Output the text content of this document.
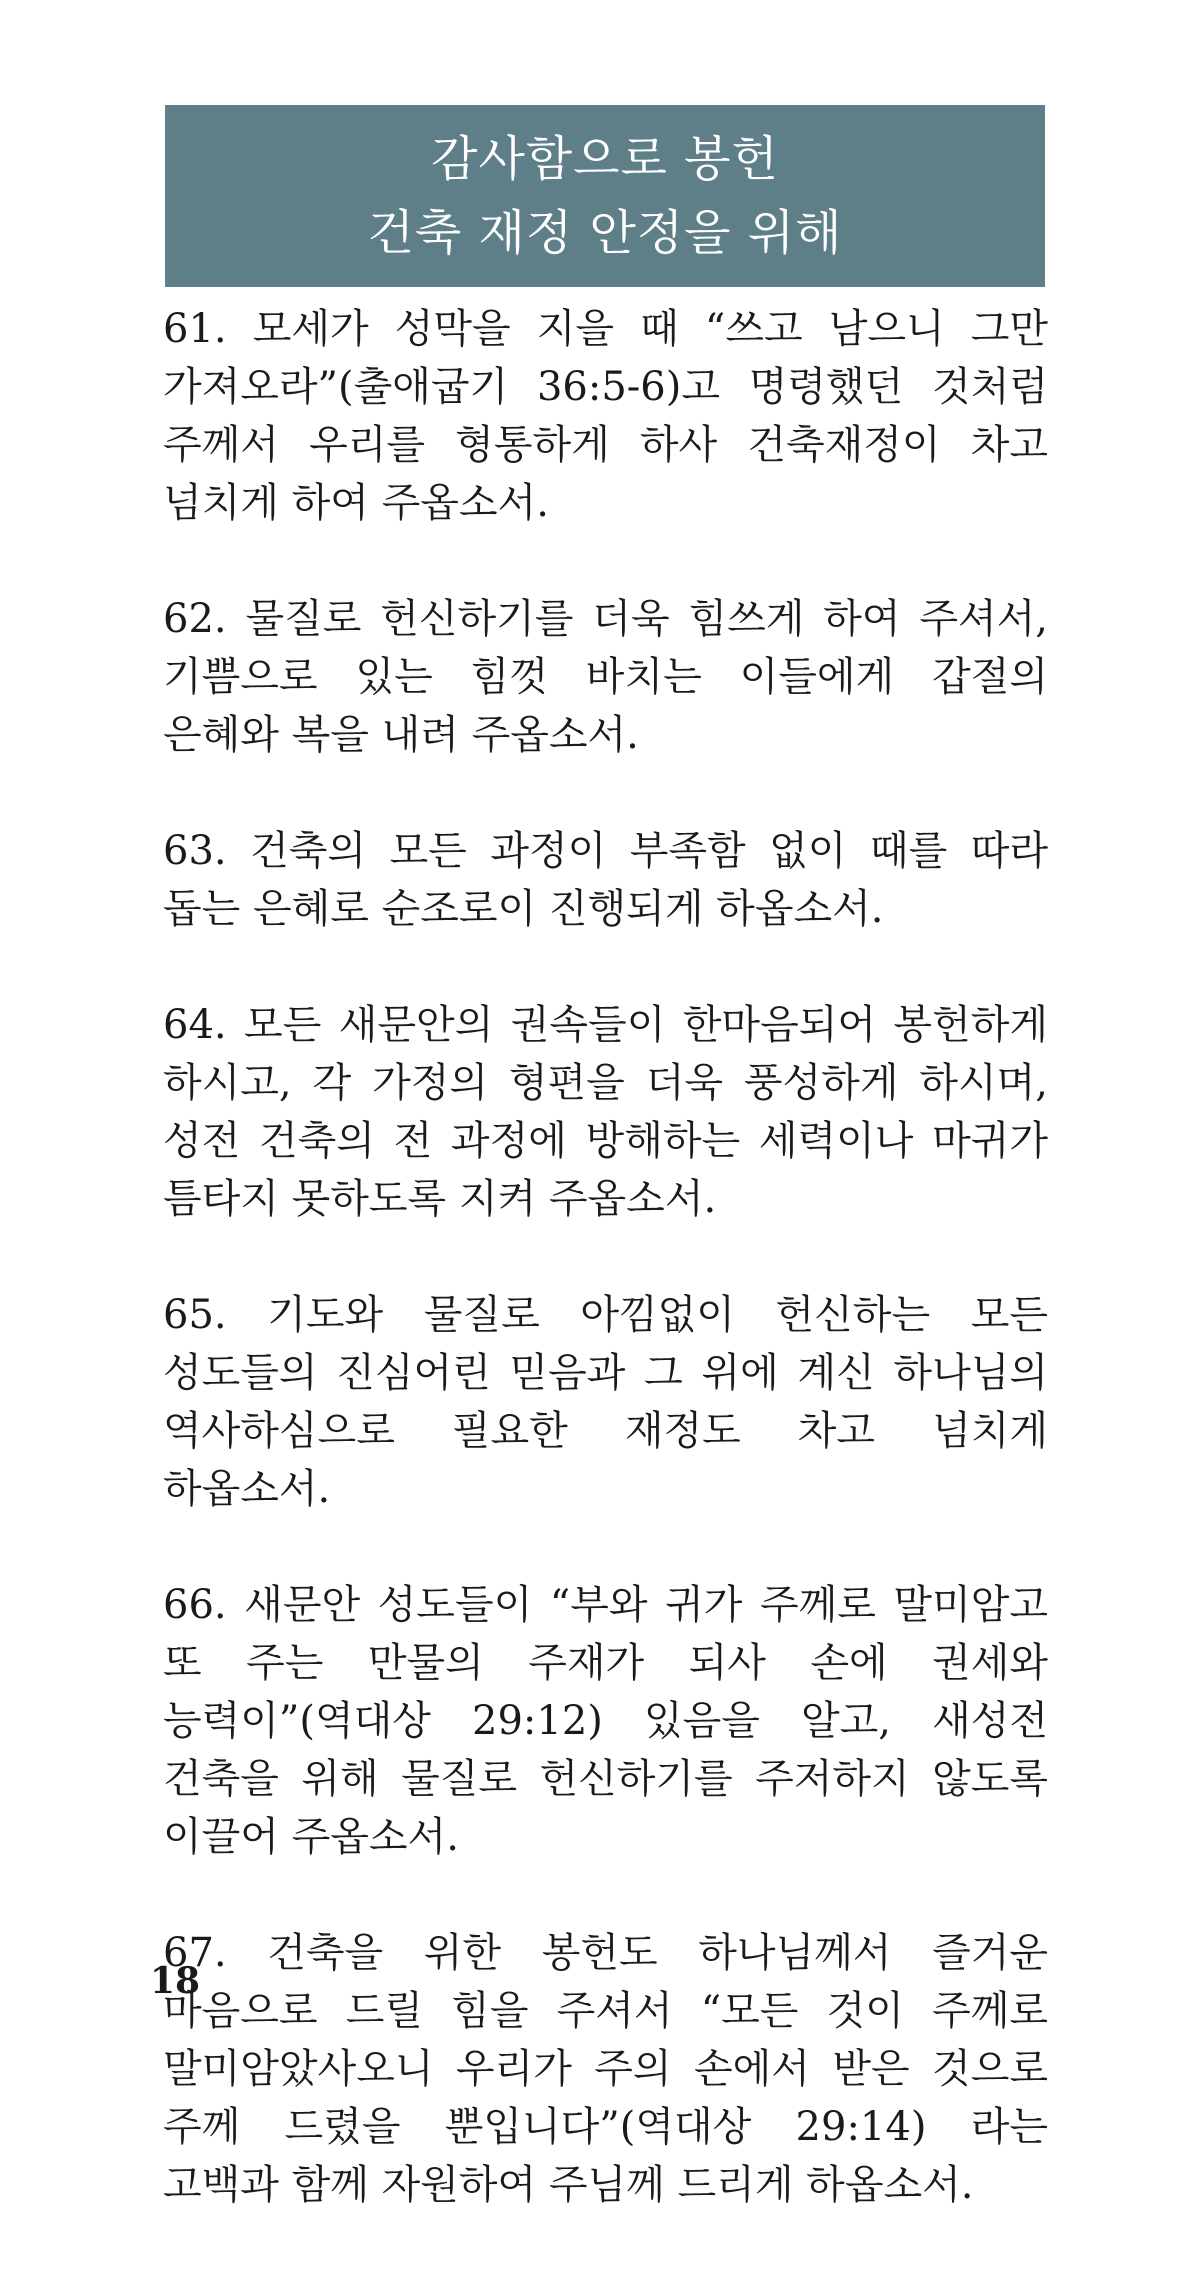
감사함으로 봉헌
건축 재정 안정을 위해

61. 모세가 성막을 지을 때 “쓰고 남으니 그만 가져오라”(출애굽기 36:5-6)고 명령했던 것처럼 주께서 우리를 형통하게 하사 건축재정이 차고 넘치게 하여 주옵소서.

62. 물질로 헌신하기를 더욱 힘쓰게 하여 주셔서, 기쁨으로 있는 힘껏 바치는 이들에게 갑절의 은혜와 복을 내려 주옵소서.

63. 건축의 모든 과정이 부족함 없이 때를 따라 돕는 은혜로 순조로이 진행되게 하옵소서.

64. 모든 새문안의 권속들이 한마음되어 봉헌하게 하시고, 각 가정의 형편을 더욱 풍성하게 하시며, 성전 건축의 전 과정에 방해하는 세력이나 마귀가 틈타지 못하도록 지켜 주옵소서.

65. 기도와 물질로 아낌없이 헌신하는 모든 성도들의 진심어린 믿음과 그 위에 계신 하나님의 역사하심으로 필요한 재정도 차고 넘치게 하옵소서.

66. 새문안 성도들이 “부와 귀가 주께로 말미암고 또 주는 만물의 주재가 되사 손에 권세와 능력이”(역대상 29:12) 있음을 알고, 새성전 건축을 위해 물질로 헌신하기를 주저하지 않도록 이끌어 주옵소서.

67. 건축을 위한 봉헌도 하나님께서 즐거운 마음으로 드릴 힘을 주셔서 “모든 것이 주께로 말미암았사오니 우리가 주의 손에서 받은 것으로 주께 드렸을 뿐입니다”(역대상 29:14) 라는 고백과 함께 자원하여 주님께 드리게 하옵소서.

18
